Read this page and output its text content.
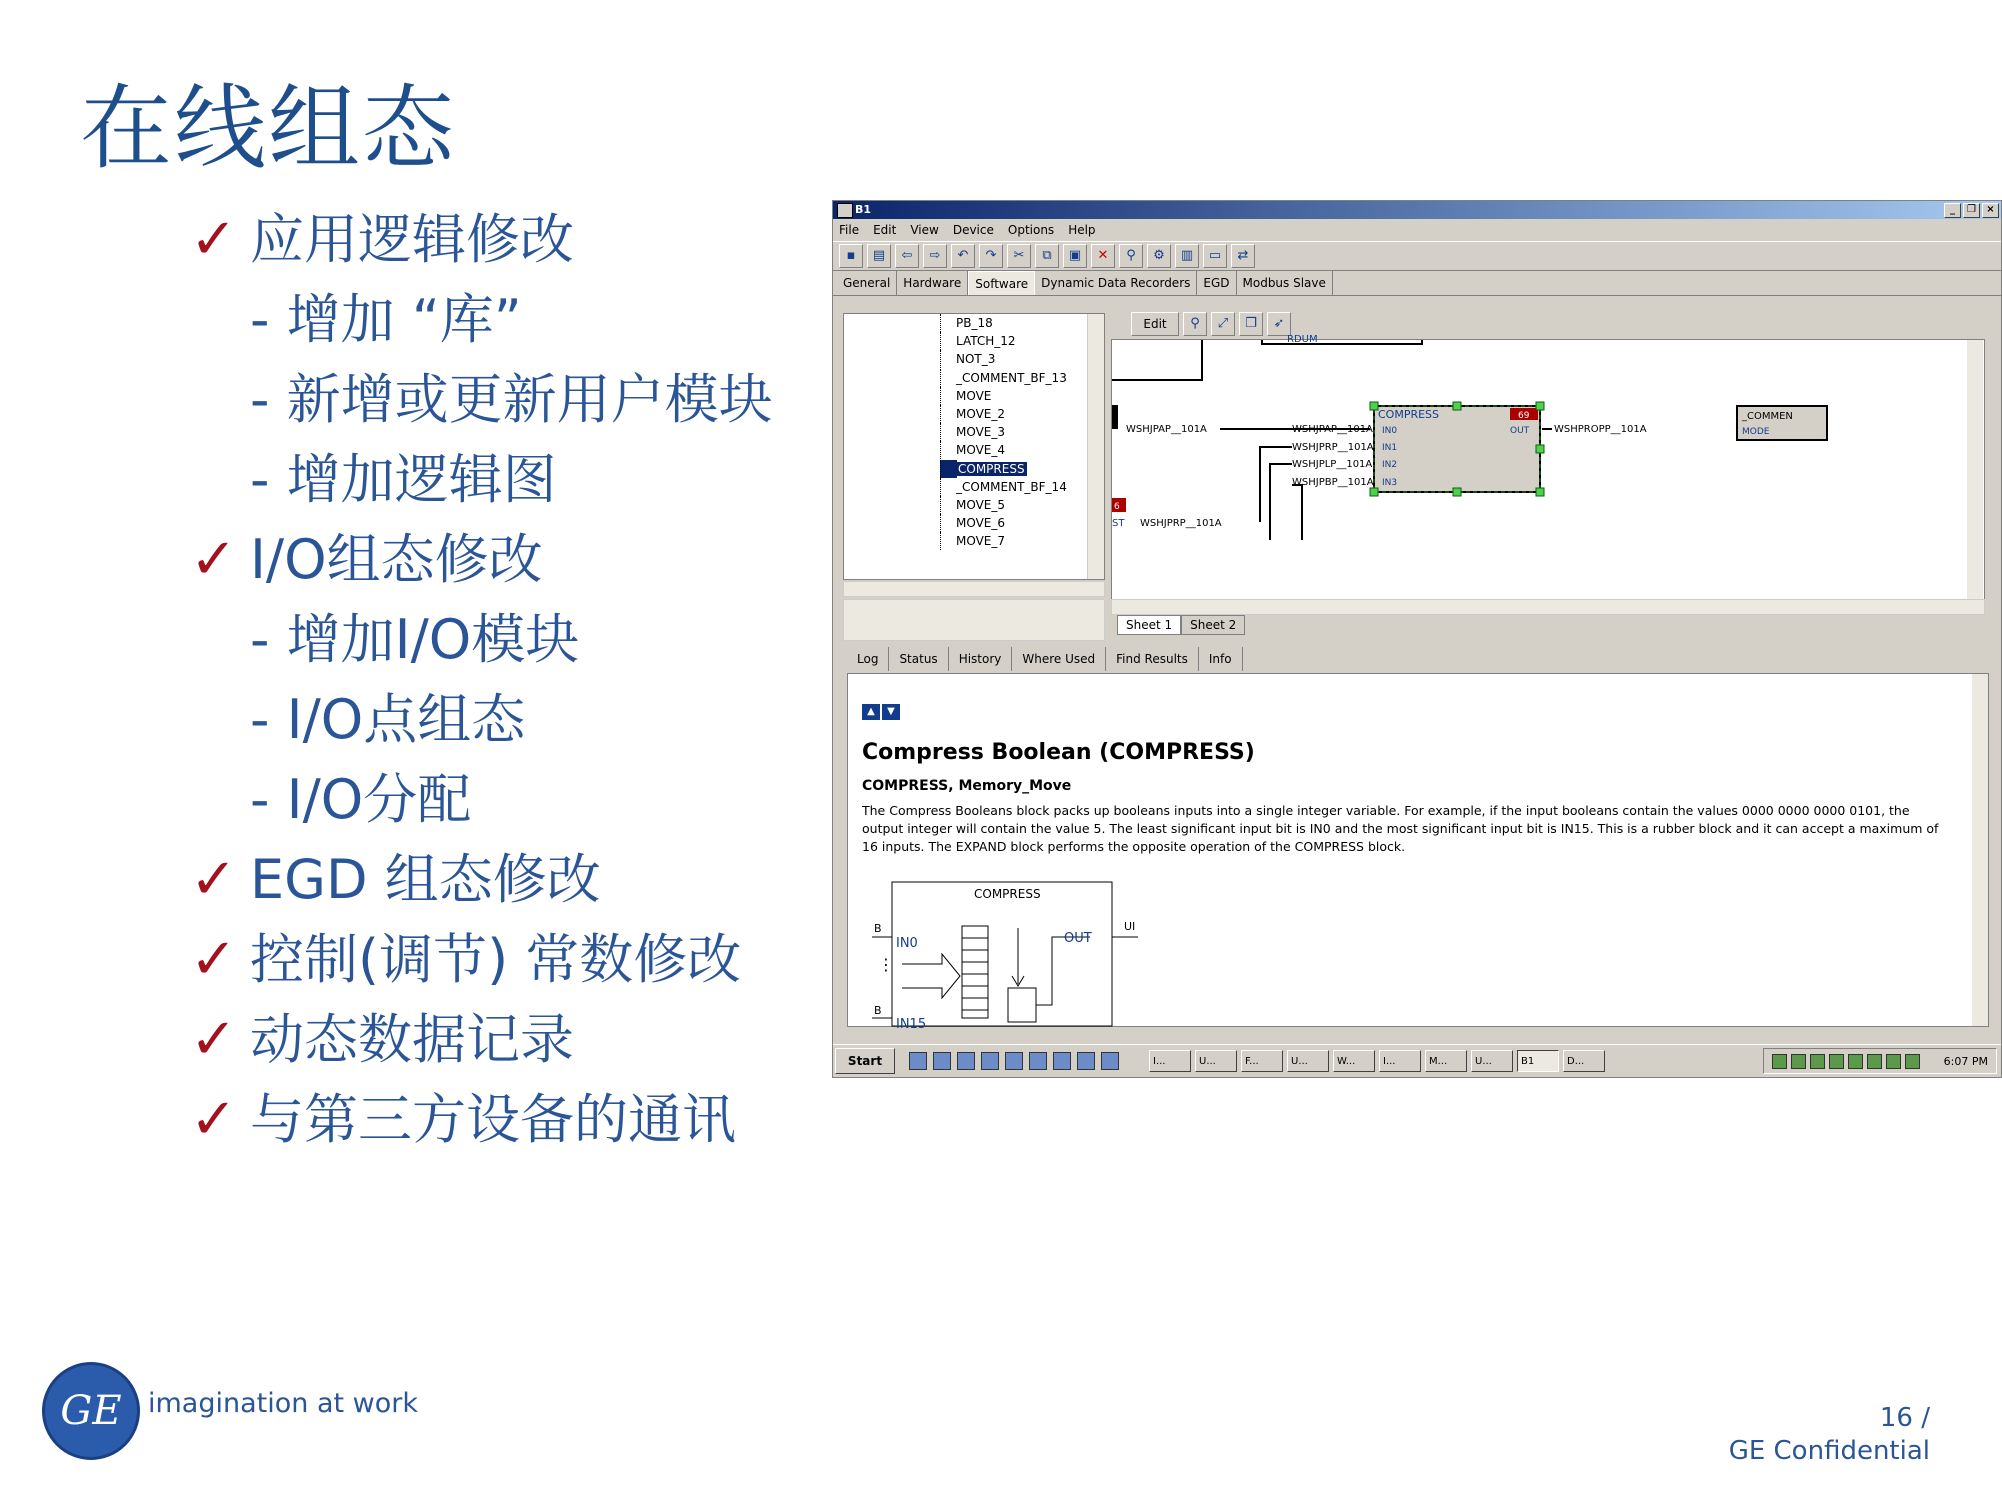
在线组态
✓ 应用逻辑修改
- 增加 “库”
- 新增或更新用户模块
- 增加逻辑图
✓ I/O组态修改
- 增加I/O模块
- I/O点组态
- I/O分配
✓ EGD 组态修改
✓ 控制(调节) 常数修改
✓ 动态数据记录
✓ 与第三方设备的通讯
B1	_	❐	×
File Edit View Device Options Help
▪	▤	⇦	⇨	↶	↷	✂	⧉	▣	✕	⚲	⚙	▥	▭	⇄
General	Hardware	Software	Dynamic Data Recorders	EGD	Modbus Slave
PB_18
LATCH_12
NOT_3
_COMMENT_BF_13
MOVE
MOVE_2
MOVE_3
MOVE_4
COMPRESS
_COMMENT_BF_14
MOVE_5
MOVE_6
MOVE_7
Edit	⚲	⤢	❐	➶
RDUM
WSHJPAP__101A	WSHJPAP__101A
WSHJPRP__101A
WSHJPLP__101A
WSHJPBP__101A
6
ST WSHJPRP__101A
COMPRESS	69
IN0
IN1
IN2
IN3
OUT WSHPROPP__101A
_COMMEN
MODE
Sheet 1	Sheet 2
Log	Status	History	Where Used	Find Results	Info
▲	▼
Compress Boolean (COMPRESS)
COMPRESS, Memory_Move
The Compress Booleans block packs up booleans inputs into a single integer variable. For example, if the input booleans contain the values 0000 0000 0000 0101, the output integer will contain the value 5. The least significant input bit is IN0 and the most significant input bit is IN15. This is a rubber block and it can accept a maximum of 16 inputs. The EXPAND block performs the opposite operation of the COMPRESS block.
COMPRESS
B
IN0
⋮
B
IN15
OUT
UI
Start	I...	U...	F...	U...	W...	I...	M...	U...	B1	D...	6:07 PM
GE imagination at work	16 /
GE Confidential
